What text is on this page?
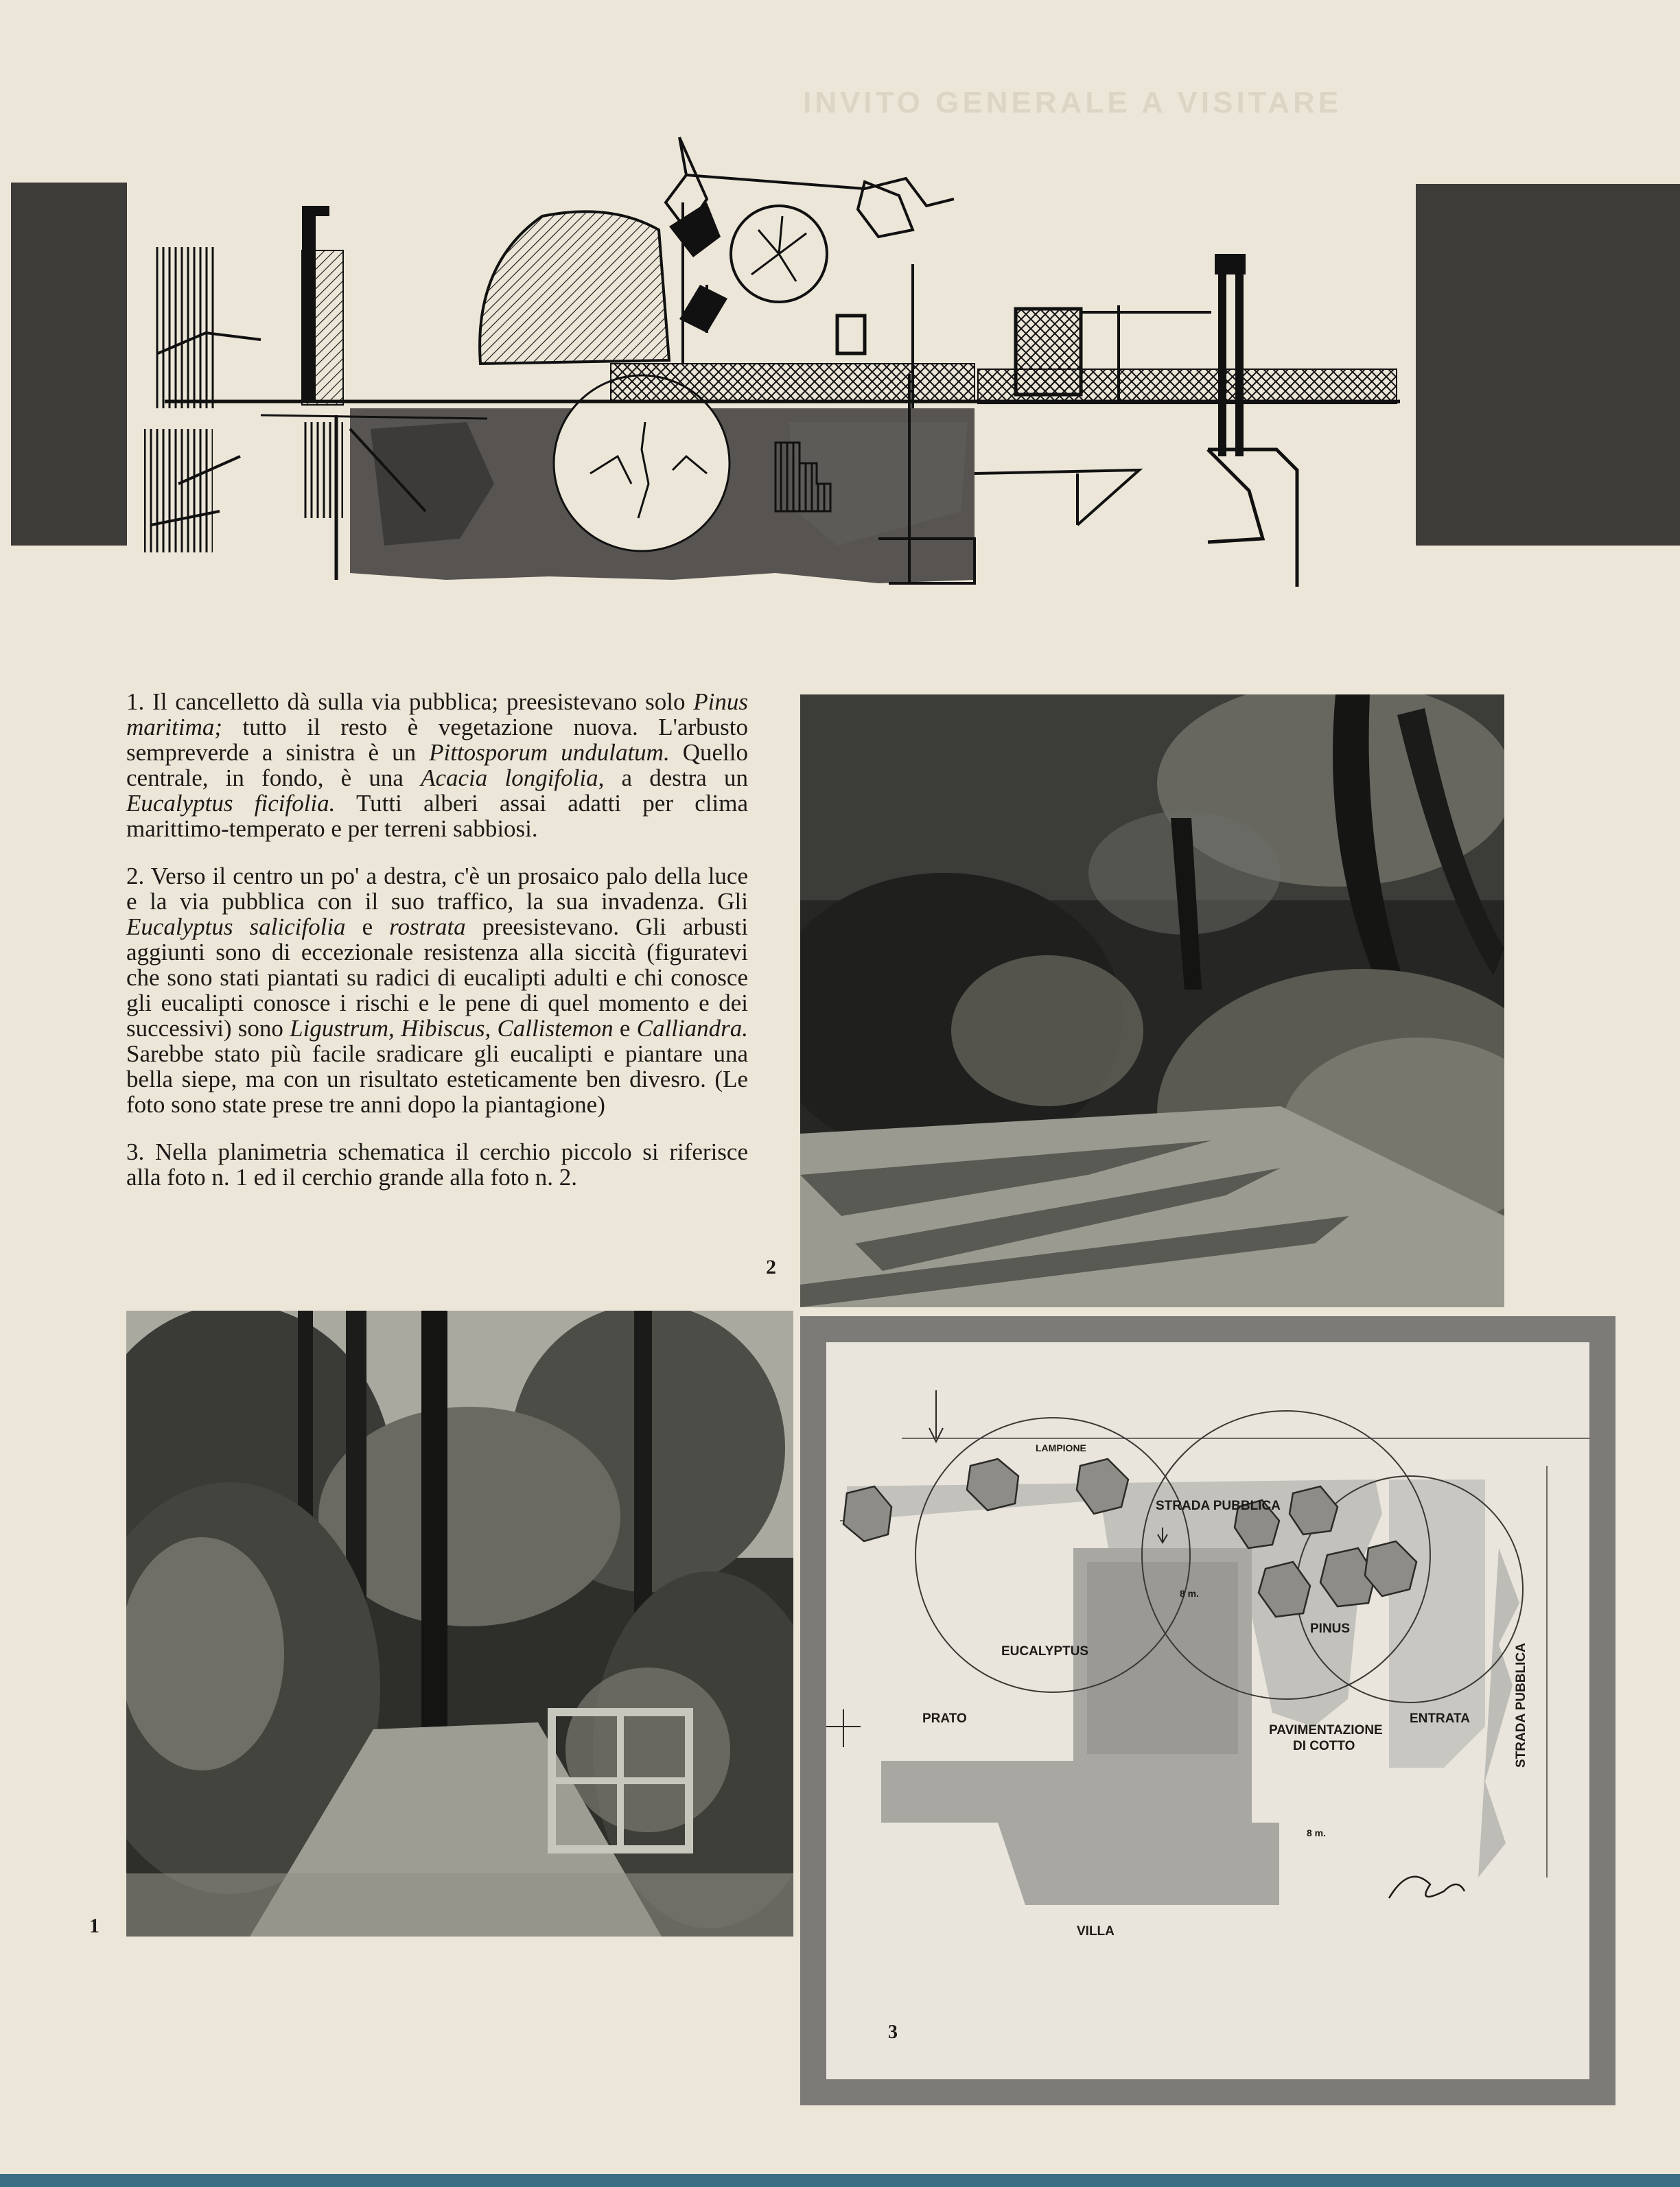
INVITO GENERALE A VISITARE

1. Il cancelletto dà sulla via pubblica; preesistevano solo Pinus maritima; tutto il resto è vegetazione nuova. L'arbusto sempreverde a sinistra è un Pittosporum undulatum. Quello centrale, in fondo, è una Acacia longifolia, a destra un Eucalyptus ficifolia. Tutti alberi assai adatti per clima marittimo-temperato e per terreni sabbiosi.

2. Verso il centro un po' a destra, c'è un prosaico palo della luce e la via pubblica con il suo traffico, la sua invadenza. Gli Eucalyptus salicifolia e rostrata preesistevano. Gli arbusti aggiunti sono di eccezionale resistenza alla siccità (figuratevi che sono stati piantati su radici di eucalipti adulti e chi conosce gli eucalipti conosce i rischi e le pene di quel momento e dei successivi) sono Ligustrum, Hibiscus, Callistemon e Calliandra. Sarebbe stato più facile sradicare gli eucalipti e piantare una bella siepe, ma con un risultato esteticamente ben divesro. (Le foto sono state prese tre anni dopo la piantagione)

3. Nella planimetria schematica il cerchio piccolo si riferisce alla foto n. 1 ed il cerchio grande alla foto n. 2.

2
1
LAMPIONE
STRADA PUBBLICA
8 m.
EUCALYPTUS
PINUS
ENTRATA
PRATO
PAVIMENTAZIONE
DI COTTO	STRADA PUBBLICA
8 m.
VILLA
3
